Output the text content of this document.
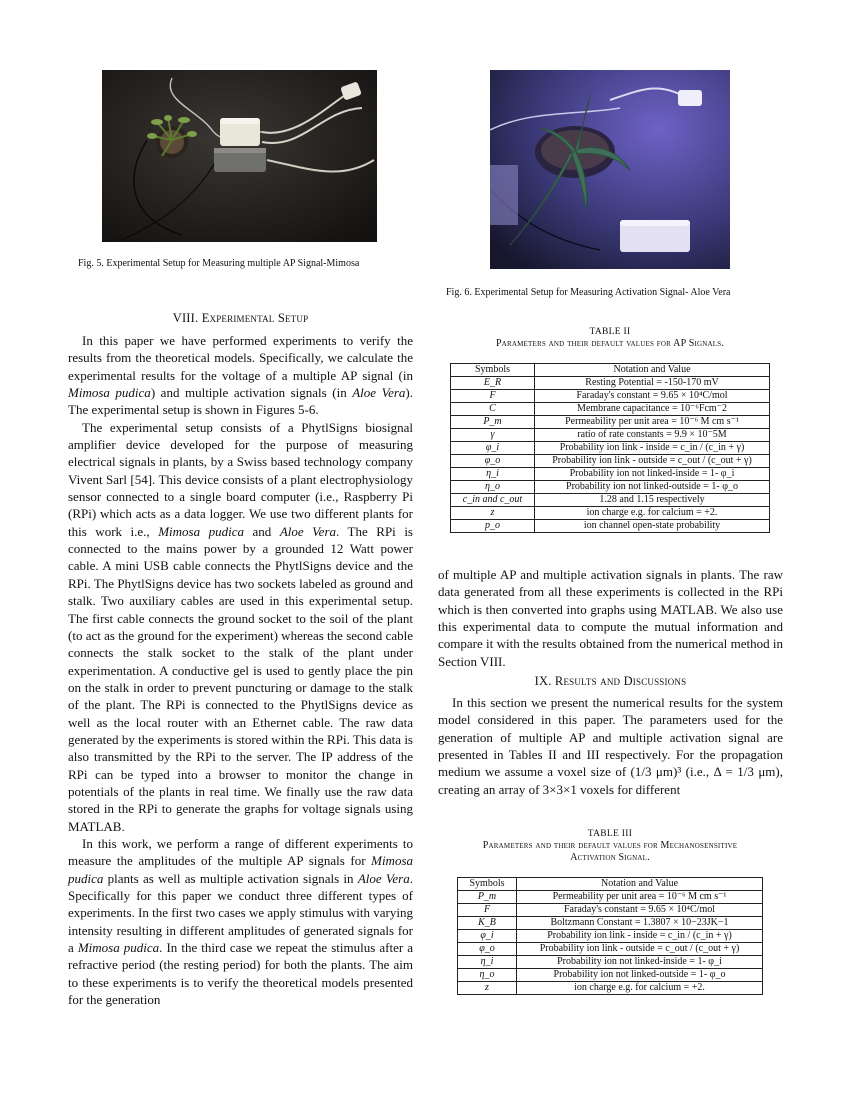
Fig. 5. Experimental Setup for Measuring multiple AP Signal-Mimosa
Fig. 6. Experimental Setup for Measuring Activation Signal- Aloe Vera
VIII. Experimental Setup

In this paper we have performed experiments to verify the results from the theoretical models. Specifically, we calculate the experimental results for the voltage of a multiple AP signal (in Mimosa pudica) and multiple activation signals (in Aloe Vera). The experimental setup is shown in Figures 5-6.

The experimental setup consists of a PhytlSigns biosignal amplifier device developed for the purpose of measuring electrical signals in plants, by a Swiss based technology company Vivent Sarl [54]. This device consists of a plant electrophysiology sensor connected to a single board computer (i.e., Raspberry Pi (RPi) which acts as a data logger. We use two different plants for this work i.e., Mimosa pudica and Aloe Vera. The RPi is connected to the mains power by a grounded 12 Watt power cable. A mini USB cable connects the PhytlSigns device and the RPi. The PhytlSigns device has two sockets labeled as ground and stalk. Two auxiliary cables are used in this experimental setup. The first cable connects the ground socket to the soil of the plant (to act as the ground for the experiment) whereas the second cable connects the stalk socket to the stalk of the plant under experimentation. A conductive gel is used to gently place the pin on the stalk in order to prevent puncturing or damage to the stalk of the plant. The RPi is connected to the PhytlSigns device as well as the local router with an Ethernet cable. The raw data generated by the experiments is stored within the RPi. This data is also transmitted by the RPi to the server. The IP address of the RPi can be typed into a browser to monitor the change in potentials of the plants in real time. We finally use the raw data stored in the RPi to generate the graphs for voltage signals using MATLAB.

In this work, we perform a range of different experiments to measure the amplitudes of the multiple AP signals for Mimosa pudica plants as well as multiple activation signals in Aloe Vera. Specifically for this paper we conduct three different types of experiments. In the first two cases we apply stimulus with varying intensity resulting in different amplitudes of generated signals for a Mimosa pudica. In the third case we repeat the stimulus after a refractive period (the resting period) for both the plants. The aim to these experiments is to verify the theoretical models presented for the generation

TABLE II
Parameters and their default values for AP Signals.
Symbols	Notation and Value
E_R	Resting Potential = -150-170 mV
F	Faraday's constant = 9.65 × 10⁴C/mol
C	Membrane capacitance = 10⁻⁶Fcm⁻2
P_m	Permeability per unit area = 10⁻⁶ M cm s⁻¹
γ	ratio of rate constants = 9.9 × 10⁻5M
φ_i	Probability ion link - inside = c_in / (c_in + γ)
φ_o	Probability ion link - outside = c_out / (c_out + γ)
η_i	Probability ion not linked-inside = 1- φ_i
η_o	Probability ion not linked-outside = 1- φ_o
c_in and c_out	1.28 and 1.15 respectively
z	ion charge e.g. for calcium = +2.
p_o	ion channel open-state probability

of multiple AP and multiple activation signals in plants. The raw data generated from all these experiments is collected in the RPi which is then converted into graphs using MATLAB. We also use this experimental data to compute the mutual information and compare it with the results obtained from the numerical method in Section VIII.

IX. Results and Discussions

In this section we present the numerical results for the system model considered in this paper. The parameters used for the generation of multiple AP and multiple activation signal are presented in Tables II and III respectively. For the propagation medium we assume a voxel size of (1/3 μm)³ (i.e., Δ = 1/3 μm), creating an array of 3×3×1 voxels for different

TABLE III
Parameters and their default values for Mechanosensitive
Activation Signal.
Symbols	Notation and Value
P_m	Permeability per unit area = 10⁻⁶ M cm s⁻¹
F	Faraday's constant = 9.65 × 10⁴C/mol
K_B	Boltzmann Constant = 1.3807 × 10−23JK−1
φ_i	Probability ion link - inside = c_in / (c_in + γ)
φ_o	Probability ion link - outside = c_out / (c_out + γ)
η_i	Probability ion not linked-inside = 1- φ_i
η_o	Probability ion not linked-outside = 1- φ_o
z	ion charge e.g. for calcium = +2.
